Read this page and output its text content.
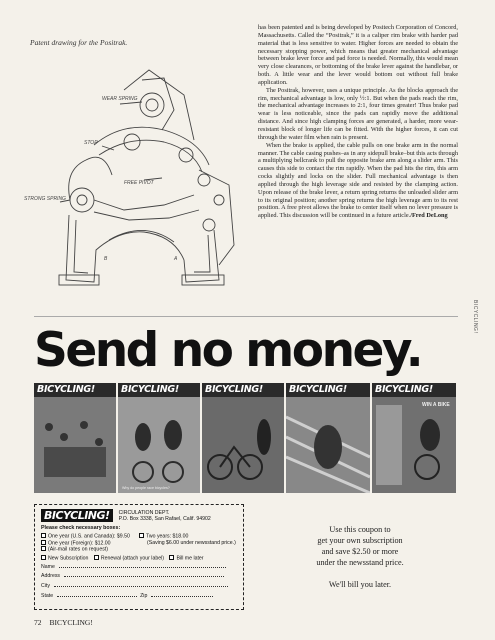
Patent drawing for the Positrak.
WEAR SPRING
STOP
FREE PIVOT
STRONG SPRING
B	A

has been patented and is being developed by Positech Corporation of Concord, Massachusetts. Called the “Positrak,” it is a caliper rim brake with harder pad material that is less sensitive to water. Higher forces are needed to obtain the necessary stopping power, which means that greater mechanical advantage between brake lever force and pad force is needed. Normally, this would mean very close clearances, or bottoming of the brake lever against the handlebar, or both. A little wear and the lever would bottom out without full brake application.

The Positrak, however, uses a unique principle. As the blocks approach the rim, mechanical advantage is low, only ½:1. But when the pads reach the rim, the mechanical advantage increases to 2:1, four times greater! Thus brake pad wear is less noticeable, since the pads can rapidly move the additional distance. And since high clamping forces are generated, a harder, more wear-resistant block of longer life can be fitted. With the higher forces, it can cut through the water film when rain is present.

When the brake is applied, the cable pulls on one brake arm in the normal manner. The cable casing pushes–as in any sidepull brake–but this acts through a multiplying bellcrank to pull the opposite brake arm along a slider arm. This causes this side to contact the rim rapidly. When the pad hits the rim, this arm cocks slightly and locks on the slider. Full mechanical advantage is then applied through the high leverage side and resisted by the clamping action. Upon release of the brake lever, a return spring returns the unloaded slider arm to its original position; another spring returns the high leverage arm to its rest position. A free pivot allows the brake to center itself when no lever pressure is applied. This discussion will be continued in a future article./Fred DeLong

BICYCLING!
Send no money.
BICYCLING!	BICYCLING!
Why do people race bicycles?
BICYCLING!	BICYCLING!	BICYCLING!
WIN A BIKE
BICYCLING!	CIRCULATION DEPT.
P.O. Box 3338, San Rafael, Calif. 94902
Please check necessary boxes:
One year (U.S. and Canada): $9.50
One year (Foreign): $12.00
(Air-mail rates on request)
Two years: $18.00
(Saving $6.00 under newsstand price.)
New Subscription Renewal (attach your label) Bill me later
Name
Address
City
State	Zip
Use this coupon to
get your own subscription
and save $2.50 or more
under the newsstand price.
We'll bill you later.
72 BICYCLING!
